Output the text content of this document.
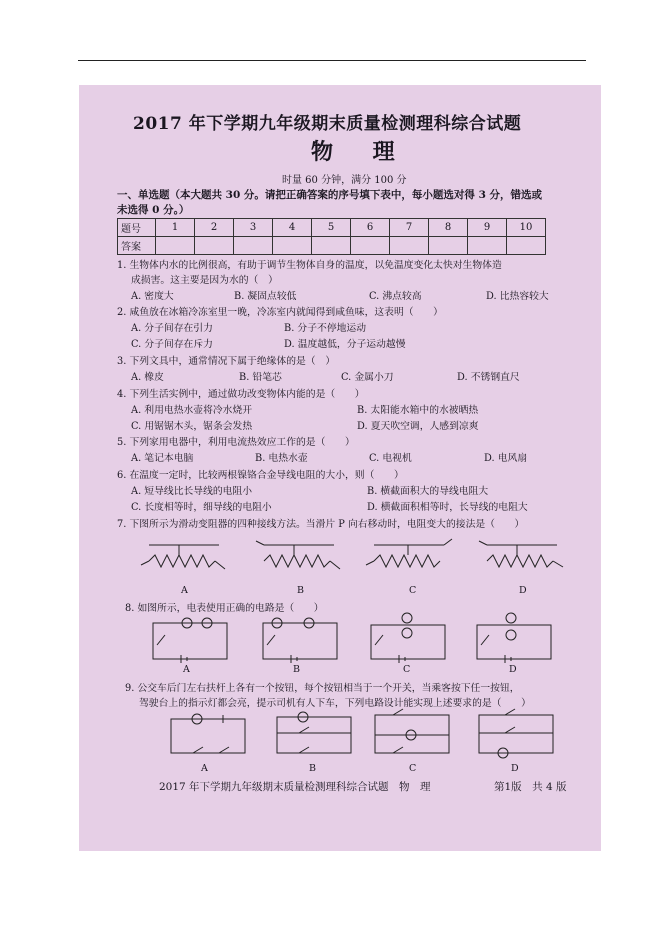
2017 年下学期九年级期末质量检测理科综合试题
物 理
时量 60 分钟，满分 100 分
一、单选题（本大题共 30 分。请把正确答案的序号填下表中，每小题选对得 3 分，错选或
未选得 0 分。）
题号	1	2	3	4	5	6	7	8	9	10
答案										
1. 生物体内水的比例很高，有助于调节生物体自身的温度，以免温度变化太快对生物体造
成损害。这主要是因为水的（　）
A. 密度大	B. 凝固点较低	C. 沸点较高	D. 比热容较大
2. 咸鱼放在冰箱冷冻室里一晚，冷冻室内就闻得到咸鱼味，这表明（　　）
A. 分子间存在引力	B. 分子不停地运动
C. 分子间存在斥力	D. 温度越低，分子运动越慢
3. 下列文具中，通常情况下属于绝缘体的是（　）
A. 橡皮	B. 铅笔芯	C. 金属小刀	D. 不锈钢直尺
4. 下列生活实例中，通过做功改变物体内能的是（　　）
A. 利用电热水壶将冷水烧开	B. 太阳能水箱中的水被晒热
C. 用锯锯木头，锯条会发热	D. 夏天吹空调，人感到凉爽
5. 下列家用电器中，利用电流热效应工作的是（　　）
A. 笔记本电脑	B. 电热水壶	C. 电视机	D. 电风扇
6. 在温度一定时，比较两根镍铬合金导线电阻的大小，则（　　）
A. 短导线比长导线的电阻小	B. 横截面积大的导线电阻大
C. 长度相等时，细导线的电阻小	D. 横截面积相等时，长导线的电阻大
7. 下图所示为滑动变阻器的四种接线方法。当滑片 P 向右移动时，电阻变大的接法是（　　）
A	B	C	D
8. 如图所示，电表使用正确的电路是（　　）
A	B	C	D
9. 公交车后门左右扶杆上各有一个按钮，每个按钮相当于一个开关，当乘客按下任一按钮，
驾驶台上的指示灯都会亮，提示司机有人下车，下列电路设计能实现上述要求的是（　　）
A	B	C	D
2017 年下学期九年级期末质量检测理科综合试题　物　理	第1版　共 4 版
